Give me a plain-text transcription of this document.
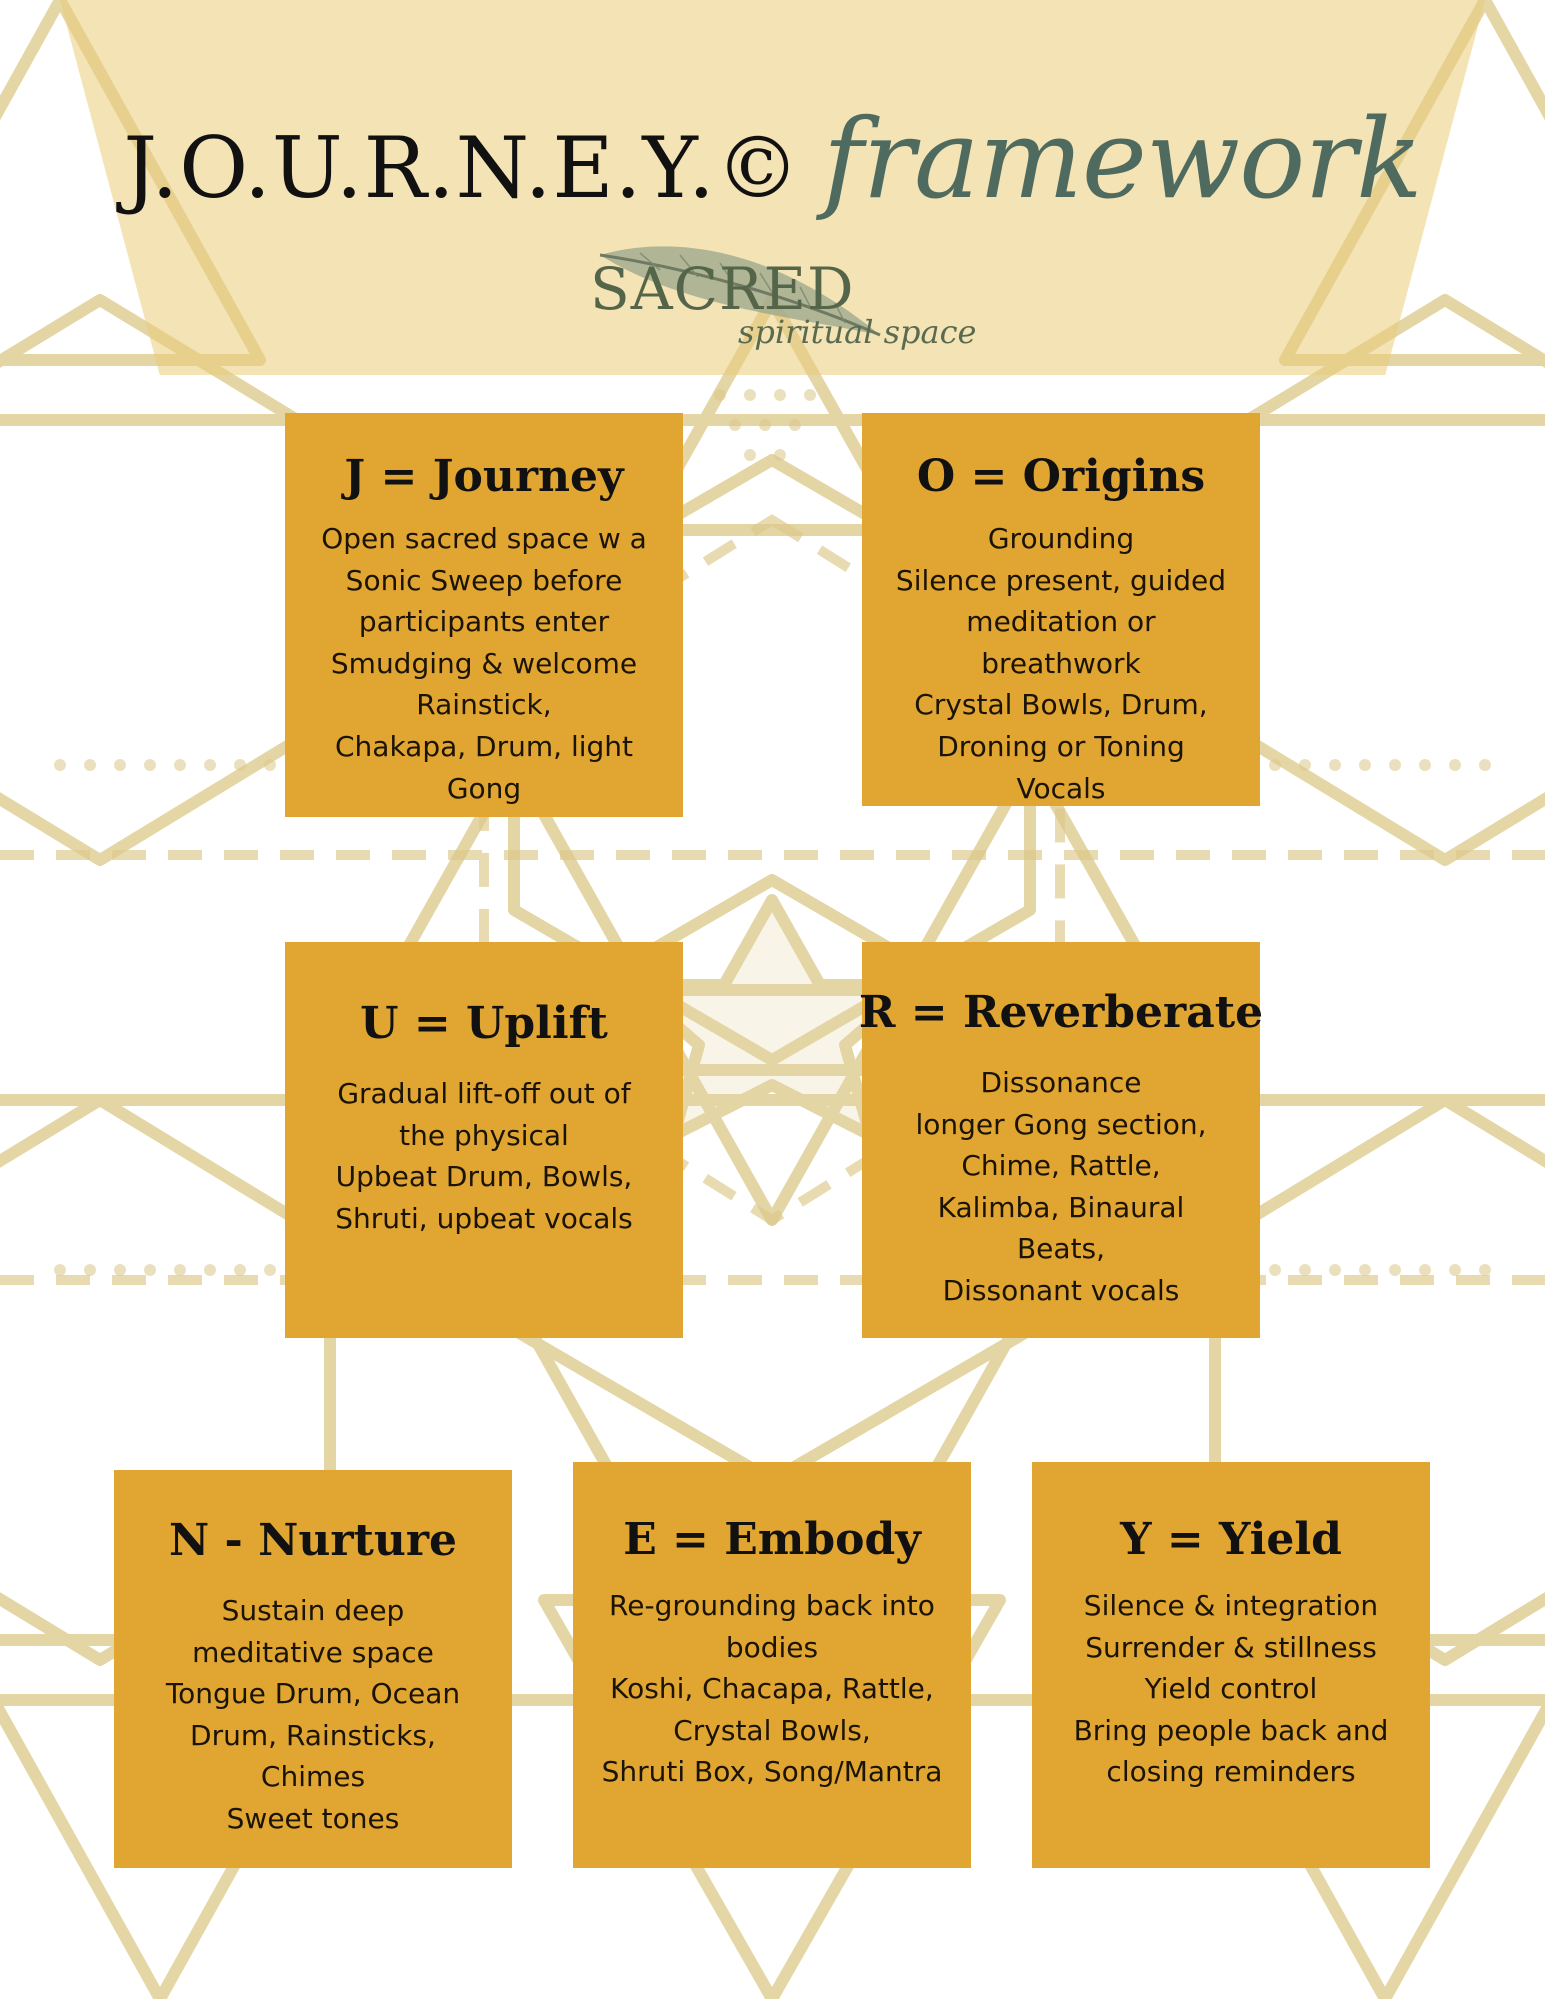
J.O.U.R.N.E.Y.© framework
SACRED
spiritual space
J = Journey
Open sacred space w a
Sonic Sweep before
participants enter
Smudging & welcome
Rainstick,
Chakapa, Drum, light
Gong
O = Origins
Grounding
Silence present, guided
meditation or
breathwork
Crystal Bowls, Drum,
Droning or Toning
Vocals
U = Uplift
Gradual lift-off out of
the physical
Upbeat Drum, Bowls,
Shruti, upbeat vocals
R = Reverberate
Dissonance
longer Gong section,
Chime, Rattle,
Kalimba, Binaural
Beats,
Dissonant vocals
N - Nurture
Sustain deep
meditative space
Tongue Drum, Ocean
Drum, Rainsticks,
Chimes
Sweet tones
E = Embody
Re-grounding back into
bodies
Koshi, Chacapa, Rattle,
Crystal Bowls,
Shruti Box, Song/Mantra
Y = Yield
Silence & integration
Surrender & stillness
Yield control
Bring people back and
closing reminders
